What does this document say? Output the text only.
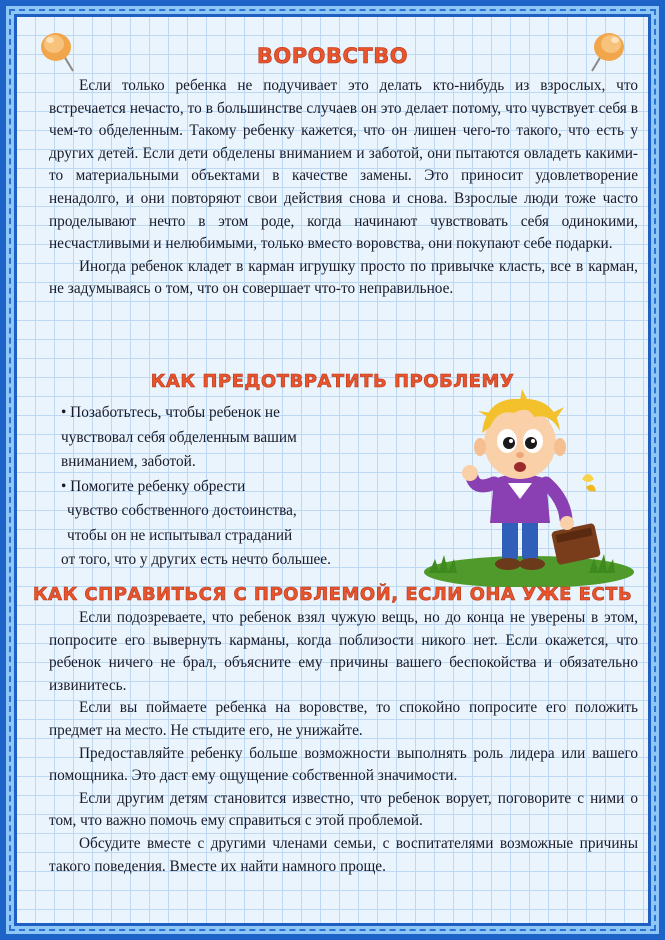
ВОРОВСТВО

Если только ребенка не подучивает это делать кто-нибудь из взрослых, что встречается нечасто, то в большинстве случаев он это делает потому, что чувствует себя в чем-то обделенным. Такому ребенку кажется, что он лишен чего-то такого, что есть у других детей. Если дети обделены вниманием и заботой, они пытаются овладеть какими-то материальными объектами в качестве замены. Это приносит удовлетворение ненадолго, и они повторяют свои действия снова и снова. Взрослые люди тоже часто проделывают нечто в этом роде, когда начинают чувствовать себя одинокими, несчастливыми и нелюбимыми, только вместо воровства, они покупают себе подарки.

Иногда ребенок кладет в карман игрушку просто по привычке класть, все в карман, не задумываясь о том, что он совершает что-то неправильное.

КАК ПРЕДОТВРАТИТЬ ПРОБЛЕМУ
• Позаботьтесь, чтобы ребенок не
чувствовал себя обделенным вашим
вниманием, заботой.
• Помогите ребенку обрести
чувство собственного достоинства,
чтобы он не испытывал страданий
от того, что у других есть нечто большее.
КАК СПРАВИТЬСЯ С ПРОБЛЕМОЙ, ЕСЛИ ОНА УЖЕ ЕСТЬ

Если подозреваете, что ребенок взял чужую вещь, но до конца не уверены в этом, попросите его вывернуть карманы, когда поблизости никого нет. Если окажется, что ребенок ничего не брал, объясните ему причины вашего беспокойства и обязательно извинитесь.

Если вы поймаете ребенка на воровстве, то спокойно попросите его положить предмет на место. Не стыдите его, не унижайте.

Предоставляйте ребенку больше возможности выполнять роль лидера или вашего помощника. Это даст ему ощущение собственной значимости.

Если другим детям становится известно, что ребенок ворует, поговорите с ними о том, что важно помочь ему справиться с этой проблемой.

Обсудите вместе с другими членами семьи, с воспитателями возможные причины такого поведения. Вместе их найти намного проще.
